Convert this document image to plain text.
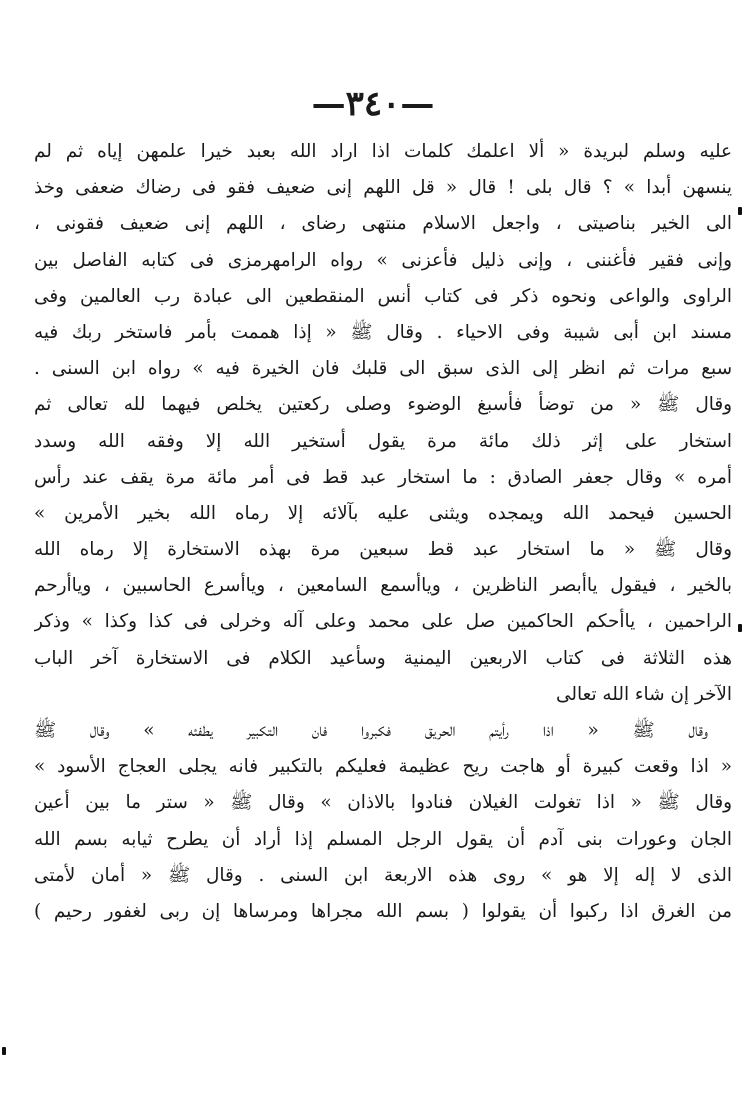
—٣٤٠—
عليه وسلم لبريدة « ألا اعلمك كلمات اذا اراد الله بعبد خيرا علمهن إياه ثم لم
ينسهن أبدا » ؟ قال بلى ! قال « قل اللهم إنى ضعيف فقو فى رضاك ضعفى وخذ
الى الخير بناصيتى ، واجعل الاسلام منتهى رضاى ، اللهم إنى ضعيف فقونى ،
وإنى فقير فأغننى ، وإنى ذليل فأعزنى » رواه الرامهرمزى فى كتابه الفاصل بين
الراوى والواعى ونحوه ذكر فى كتاب أنس المنقطعين الى عبادة رب العالمين وفى
مسند ابن أبى شيبة وفى الاحياء . وقال ﷺ « إذا هممت بأمر فاستخر ربك فيه
سبع مرات ثم انظر إلى الذى سبق الى قلبك فان الخيرة فيه » رواه ابن السنى .
وقال ﷺ « من توضأ فأسبغ الوضوء وصلى ركعتين يخلص فيهما لله تعالى ثم
استخار على إثر ذلك مائة مرة يقول أستخير الله إلا وفقه الله وسدد
أمره » وقال جعفر الصادق : ما استخار عبد قط فى أمر مائة مرة يقف عند رأس
الحسين فيحمد الله ويمجده ويثنى عليه بآلائه إلا رماه الله بخير الأمرين »
وقال ﷺ « ما استخار عبد قط سبعين مرة بهذه الاستخارة إلا رماه الله
بالخير ، فيقول ياأبصر الناظرين ، وياأسمع السامعين ، وياأسرع الحاسبين ، وياأرحم
الراحمين ، ياأحكم الحاكمين صل على محمد وعلى آله وخرلى فى كذا وكذا » وذكر
هذه الثلاثة فى كتاب الاربعين اليمنية وسأعيد الكلام فى الاستخارة آخر الباب
الآخر إن شاء الله تعالى
وقال ﷺ « اذا رأيتم الحريق فكبروا فان التكبير يطفئه » وقال ﷺ
« اذا وقعت كبيرة أو هاجت ريح عظيمة فعليكم بالتكبير فانه يجلى العجاج الأسود »
وقال ﷺ « اذا تغولت الغيلان فنادوا بالاذان » وقال ﷺ « ستر ما بين أعين
الجان وعورات بنى آدم أن يقول الرجل المسلم إذا أراد أن يطرح ثيابه بسم الله
الذى لا إله إلا هو » روى هذه الاربعة ابن السنى . وقال ﷺ « أمان لأمتى
من الغرق اذا ركبوا أن يقولوا ( بسم الله مجراها ومرساها إن ربى لغفور رحيم )
